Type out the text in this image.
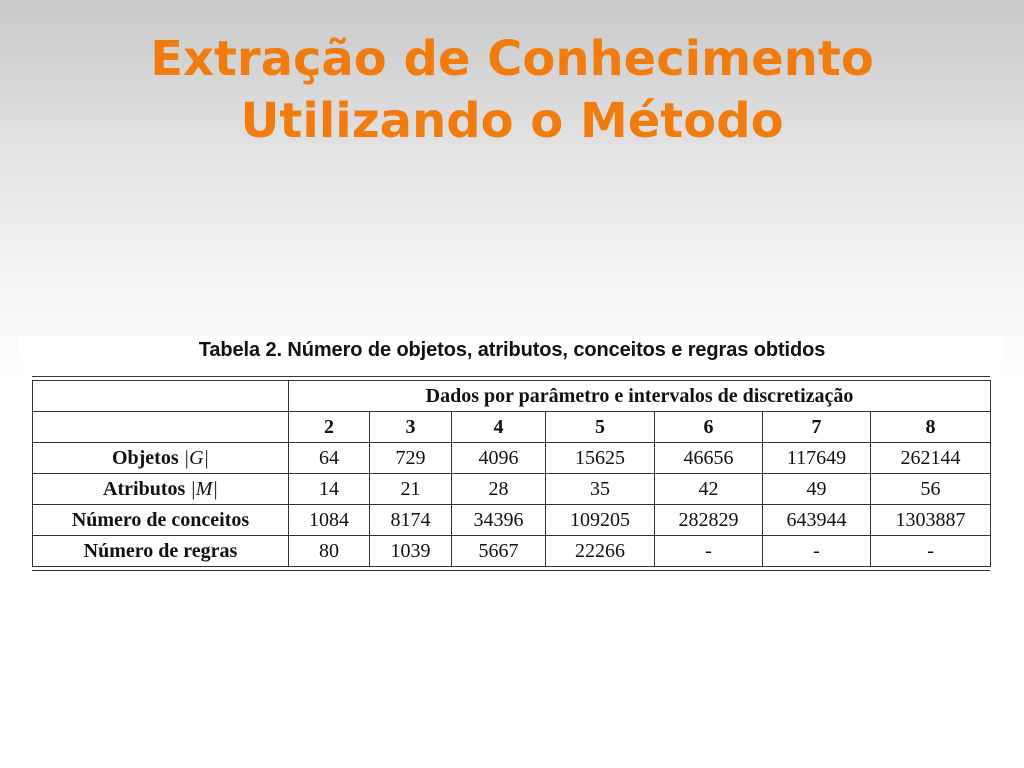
Extração de Conhecimento
Utilizando o Método
Tabela 2. Número de objetos, atributos, conceitos e regras obtidos
	Dados por parâmetro e intervalos de discretização						
	2	3	4	5	6	7	8
Objetos |G|	64	729	4096	15625	46656	117649	262144
Atributos |M|	14	21	28	35	42	49	56
Número de conceitos	1084	8174	34396	109205	282829	643944	1303887
Número de regras	80	1039	5667	22266	-	-	-
